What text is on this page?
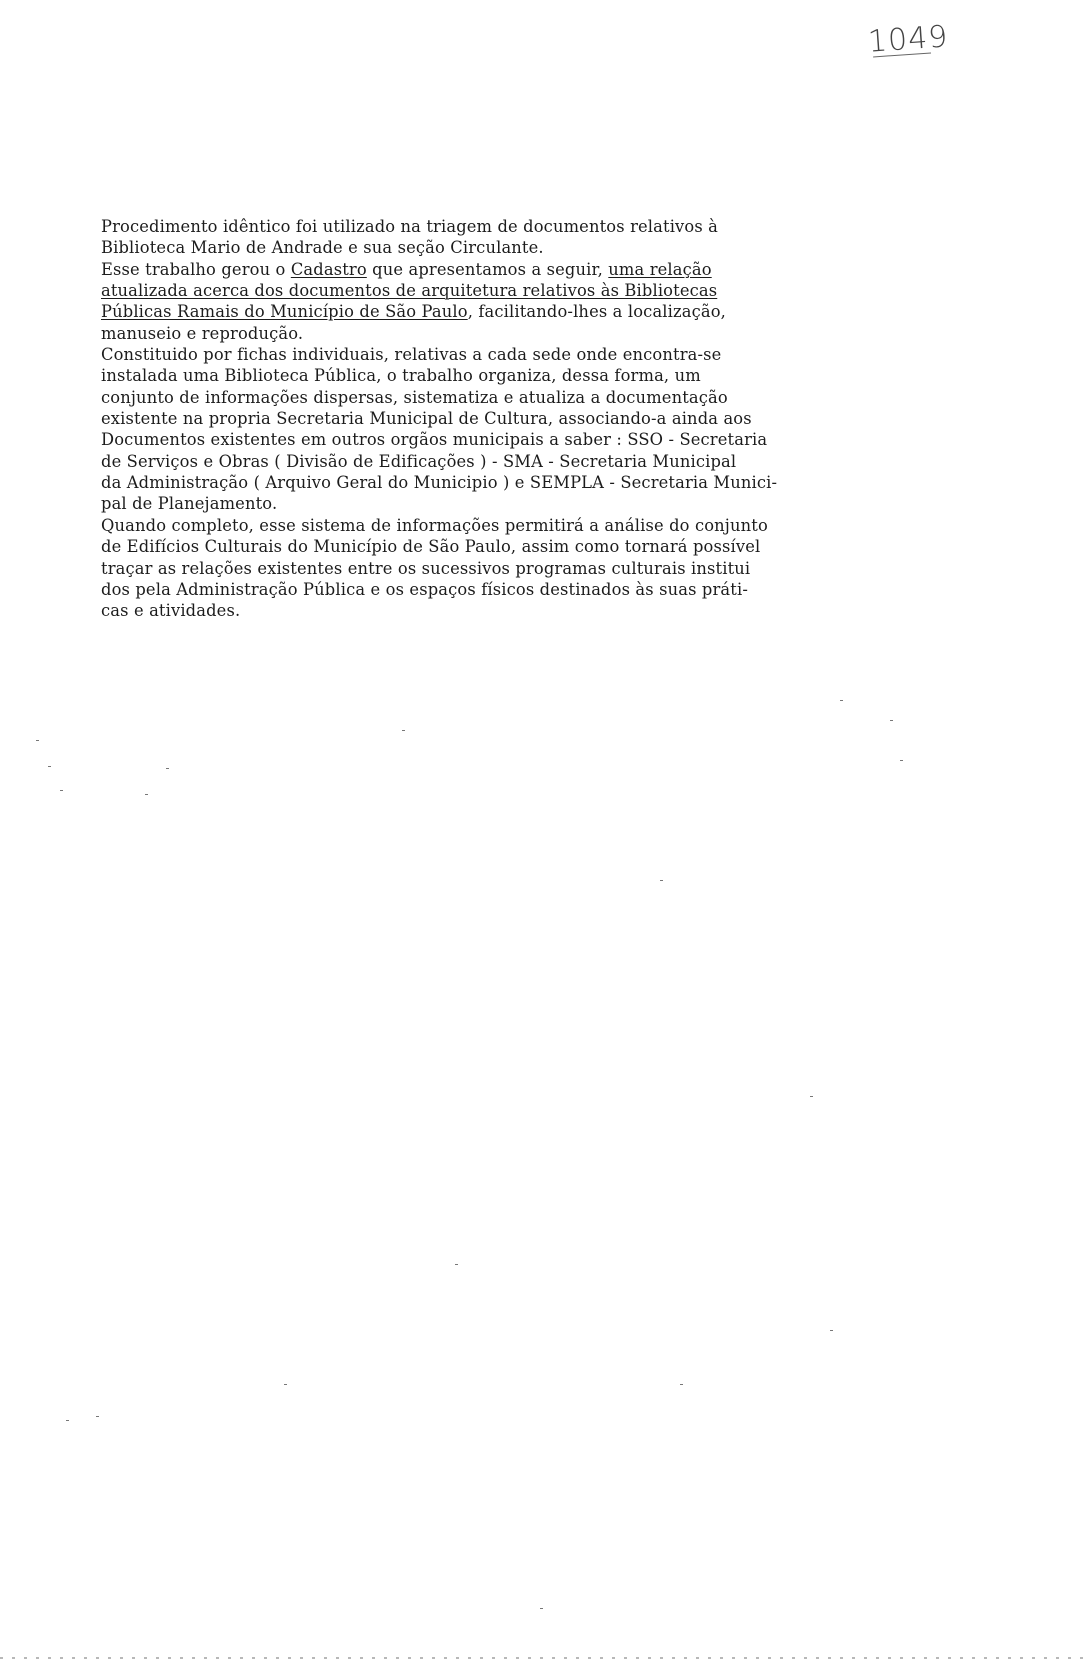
1049
Procedimento idêntico foi utilizado na triagem de documentos relativos à
Biblioteca Mario de Andrade e sua seção Circulante.
Esse trabalho gerou o Cadastro que apresentamos a seguir, uma relação
atualizada acerca dos documentos de arquitetura relativos às Bibliotecas
Públicas Ramais do Município de São Paulo, facilitando-lhes a localização,
manuseio e reprodução.
Constituido por fichas individuais, relativas a cada sede onde encontra-se
instalada uma Biblioteca Pública, o trabalho organiza, dessa forma, um
conjunto de informações dispersas, sistematiza e atualiza a documentação
existente na propria Secretaria Municipal de Cultura, associando-a ainda aos
Documentos existentes em outros orgãos municipais a saber : SSO - Secretaria
de Serviços e Obras ( Divisão de Edificações ) - SMA - Secretaria Municipal
da Administração ( Arquivo Geral do Municipio ) e SEMPLA - Secretaria Munici-
pal de Planejamento.
Quando completo, esse sistema de informações permitirá a análise do conjunto
de Edifícios Culturais do Município de São Paulo, assim como tornará possível
traçar as relações existentes entre os sucessivos programas culturais institui
dos pela Administração Pública e os espaços físicos destinados às suas práti-
cas e atividades.
